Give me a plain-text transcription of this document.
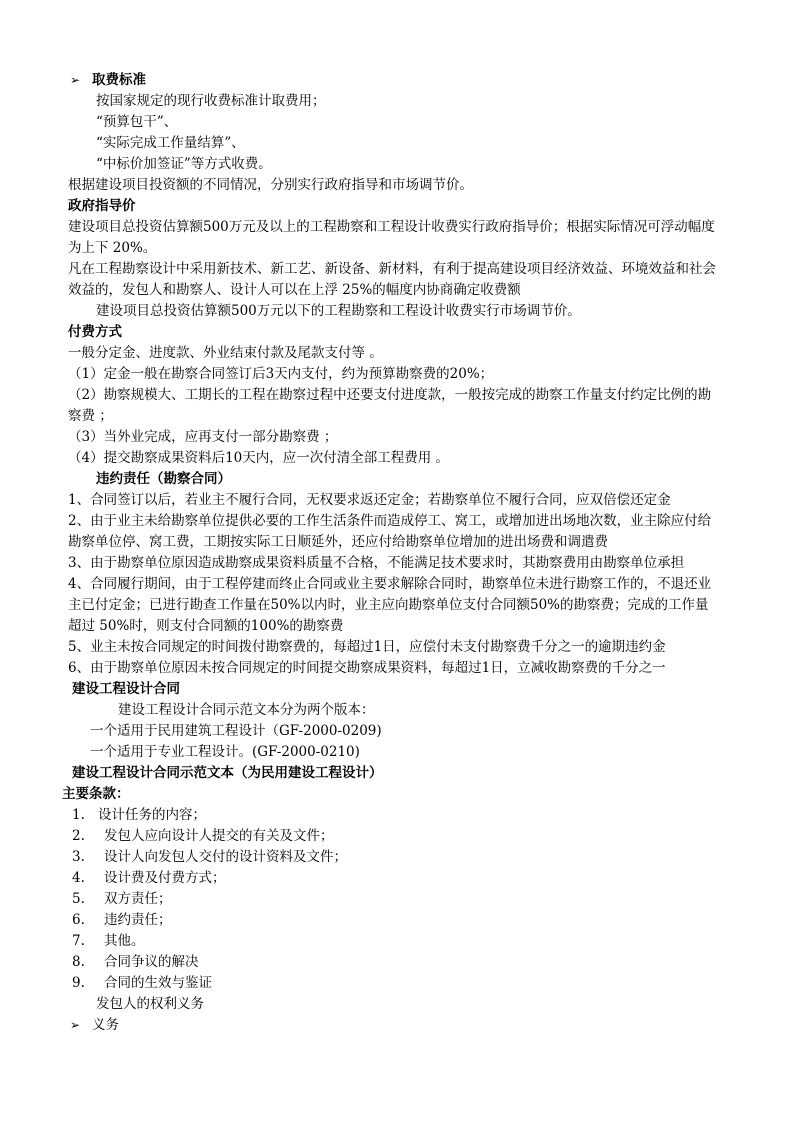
➢ 取费标准
按国家规定的现行收费标准计取费用；
“预算包干”、
“实际完成工作量结算”、
“中标价加签证”等方式收费。
根据建设项目投资额的不同情况，分别实行政府指导和市场调节价。
政府指导价
建设项目总投资估算额500万元及以上的工程勘察和工程设计收费实行政府指导价；根据实际情况可浮动幅度
为上下 20%。
凡在工程勘察设计中采用新技术、新工艺、新设备、新材料，有利于提高建设项目经济效益、环境效益和社会
效益的，发包人和勘察人、设计人可以在上浮 25%的幅度内协商确定收费额
建设项目总投资估算额500万元以下的工程勘察和工程设计收费实行市场调节价。
付费方式
一般分定金、进度款、外业结束付款及尾款支付等 。
（1）定金一般在勘察合同签订后3天内支付，约为预算勘察费的20%；
（2）勘察规模大、工期长的工程在勘察过程中还要支付进度款，一般按完成的勘察工作量支付约定比例的勘
察费 ；
（3）当外业完成，应再支付一部分勘察费 ；
（4）提交勘察成果资料后10天内，应一次付清全部工程费用 。
违约责任（勘察合同）
1、合同签订以后，若业主不履行合同，无权要求返还定金；若勘察单位不履行合同，应双倍偿还定金
2、由于业主未给勘察单位提供必要的工作生活条件而造成停工、窝工，或增加进出场地次数，业主除应付给
勘察单位停、窝工费，工期按实际工日顺延外，还应付给勘察单位增加的进出场费和调遣费
3、由于勘察单位原因造成勘察成果资料质量不合格，不能满足技术要求时，其勘察费用由勘察单位承担
4、合同履行期间，由于工程停建而终止合同或业主要求解除合同时，勘察单位未进行勘察工作的，不退还业
主已付定金；已进行勘查工作量在50%以内时，业主应向勘察单位支付合同额50%的勘察费；完成的工作量
超过 50%时，则支付合同额的100%的勘察费
5、业主未按合同规定的时间拨付勘察费的，每超过1日，应偿付未支付勘察费千分之一的逾期违约金
6、由于勘察单位原因未按合同规定的时间提交勘察成果资料，每超过1日，立减收勘察费的千分之一
建设工程设计合同
建设工程设计合同示范文本分为两个版本：
一个适用于民用建筑工程设计（GF-2000-0209)
一个适用于专业工程设计。(GF-2000-0210)
建设工程设计合同示范文本（为民用建设工程设计）
主要条款：
1. 设计任务的内容；
2. 发包人应向设计人提交的有关及文件；
3. 设计人向发包人交付的设计资料及文件；
4. 设计费及付费方式；
5. 双方责任；
6. 违约责任；
7. 其他。
8. 合同争议的解决
9. 合同的生效与鉴证
发包人的权利义务
➢ 义务
